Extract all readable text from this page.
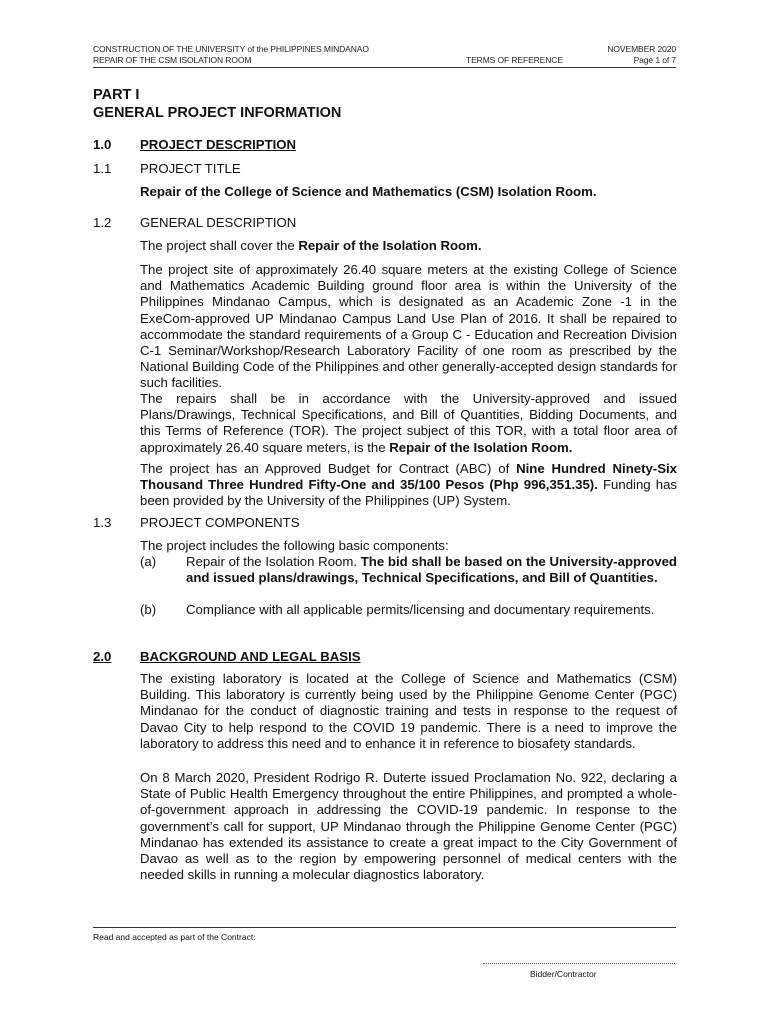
CONSTRUCTION OF THE UNIVERSITY of the PHILIPPINES MINDANAO
REPAIR OF THE CSM ISOLATION ROOM	TERMS OF REFERENCE
NOVEMBER 2020
Page 1 of 7
PART I
GENERAL PROJECT INFORMATION
1.0	PROJECT DESCRIPTION
1.1	PROJECT TITLE
Repair of the College of Science and Mathematics (CSM) Isolation Room.
1.2	GENERAL DESCRIPTION
The project shall cover the Repair of the Isolation Room.
The project site of approximately 26.40 square meters at the existing College of Science and Mathematics Academic Building ground floor area is within the University of the Philippines Mindanao Campus, which is designated as an Academic Zone -1 in the ExeCom-approved UP Mindanao Campus Land Use Plan of 2016. It shall be repaired to accommodate the standard requirements of a Group C - Education and Recreation Division C-1 Seminar/Workshop/Research Laboratory Facility of one room as prescribed by the National Building Code of the Philippines and other generally-accepted design standards for such facilities.
The repairs shall be in accordance with the University-approved and issued Plans/Drawings, Technical Specifications, and Bill of Quantities, Bidding Documents, and this Terms of Reference (TOR). The project subject of this TOR, with a total floor area of approximately 26.40 square meters, is the Repair of the Isolation Room.
The project has an Approved Budget for Contract (ABC) of Nine Hundred Ninety-Six Thousand Three Hundred Fifty-One and 35/100 Pesos (Php 996,351.35). Funding has been provided by the University of the Philippines (UP) System.
1.3	PROJECT COMPONENTS
The project includes the following basic components:
(a) Repair of the Isolation Room. The bid shall be based on the University-approved and issued plans/drawings, Technical Specifications, and Bill of Quantities.
(b) Compliance with all applicable permits/licensing and documentary requirements.
2.0	BACKGROUND AND LEGAL BASIS
The existing laboratory is located at the College of Science and Mathematics (CSM) Building. This laboratory is currently being used by the Philippine Genome Center (PGC) Mindanao for the conduct of diagnostic training and tests in response to the request of Davao City to help respond to the COVID 19 pandemic. There is a need to improve the laboratory to address this need and to enhance it in reference to biosafety standards.
On 8 March 2020, President Rodrigo R. Duterte issued Proclamation No. 922, declaring a State of Public Health Emergency throughout the entire Philippines, and prompted a whole-of-government approach in addressing the COVID-19 pandemic. In response to the government’s call for support, UP Mindanao through the Philippine Genome Center (PGC) Mindanao has extended its assistance to create a great impact to the City Government of Davao as well as to the region by empowering personnel of medical centers with the needed skills in running a molecular diagnostics laboratory.
Read and accepted as part of the Contract:
Bidder/Contractor
